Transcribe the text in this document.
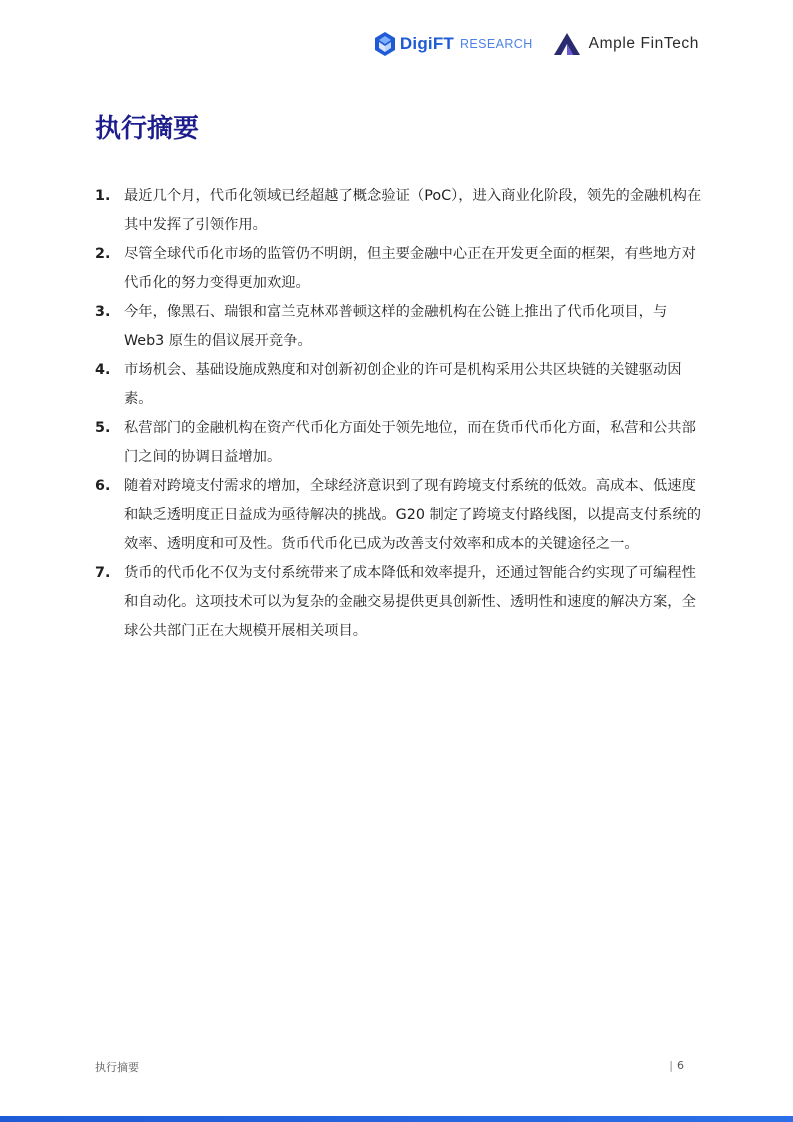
DigiFT RESEARCH	Ample FinTech
执行摘要
1. 最近几个月，代币化领域已经超越了概念验证（PoC），进入商业化阶段，领先的金融机构在其中发挥了引领作用。
2. 尽管全球代币化市场的监管仍不明朗，但主要金融中心正在开发更全面的框架，有些地方对代币化的努力变得更加欢迎。
3. 今年，像黑石、瑞银和富兰克林邓普顿这样的金融机构在公链上推出了代币化项目，与Web3 原生的倡议展开竞争。
4. 市场机会、基础设施成熟度和对创新初创企业的许可是机构采用公共区块链的关键驱动因素。
5. 私营部门的金融机构在资产代币化方面处于领先地位，而在货币代币化方面，私营和公共部门之间的协调日益增加。
6. 随着对跨境支付需求的增加，全球经济意识到了现有跨境支付系统的低效。高成本、低速度和缺乏透明度正日益成为亟待解决的挑战。G20 制定了跨境支付路线图，以提高支付系统的效率、透明度和可及性。货币代币化已成为改善支付效率和成本的关键途径之一。
7. 货币的代币化不仅为支付系统带来了成本降低和效率提升，还通过智能合约实现了可编程性和自动化。这项技术可以为复杂的金融交易提供更具创新性、透明性和速度的解决方案，全球公共部门正在大规模开展相关项目。
执行摘要	| 6
